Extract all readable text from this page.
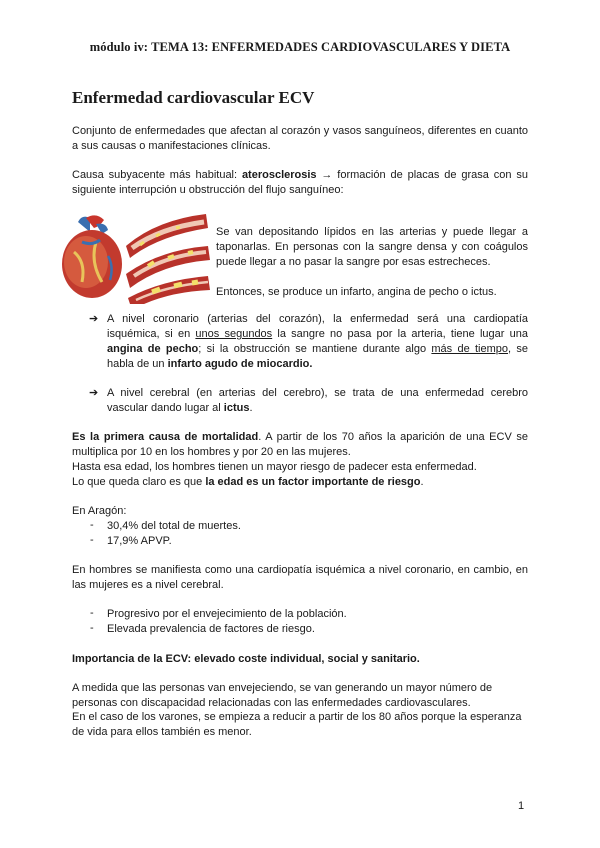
módulo iv: TEMA 13: ENFERMEDADES CARDIOVASCULARES Y DIETA
Enfermedad cardiovascular ECV

Conjunto de enfermedades que afectan al corazón y vasos sanguíneos, diferentes en cuanto a sus causas o manifestaciones clínicas.

Causa subyacente más habitual: aterosclerosis → formación de placas de grasa con su siguiente interrupción u obstrucción del flujo sanguíneo:

Se van depositando lípidos en las arterias y puede llegar a taponarlas. En personas con la sangre densa y con coágulos puede llegar a no pasar la sangre por esas estrecheces.

Entonces, se produce un infarto, angina de pecho o ictus.

➔ A nivel coronario (arterias del corazón), la enfermedad será una cardiopatía isquémica, si en unos segundos la sangre no pasa por la arteria, tiene lugar una angina de pecho; si la obstrucción se mantiene durante algo más de tiempo, se habla de un infarto agudo de miocardio.

➔ A nivel cerebral (en arterias del cerebro), se trata de una enfermedad cerebro vascular dando lugar al ictus.

Es la primera causa de mortalidad. A partir de los 70 años la aparición de una ECV se multiplica por 10 en los hombres y por 20 en las mujeres.

Hasta esa edad, los hombres tienen un mayor riesgo de padecer esta enfermedad.

Lo que queda claro es que la edad es un factor importante de riesgo.

En Aragón:

- 30,4% del total de muertes.

- 17,9% APVP.

En hombres se manifiesta como una cardiopatía isquémica a nivel coronario, en cambio, en las mujeres es a nivel cerebral.

- Progresivo por el envejecimiento de la población.

- Elevada prevalencia de factores de riesgo.

Importancia de la ECV: elevado coste individual, social y sanitario.

A medida que las personas van envejeciendo, se van generando un mayor número de personas con discapacidad relacionadas con las enfermedades cardiovasculares.

En el caso de los varones, se empieza a reducir a partir de los 80 años porque la esperanza de vida para ellos también es menor.

1
